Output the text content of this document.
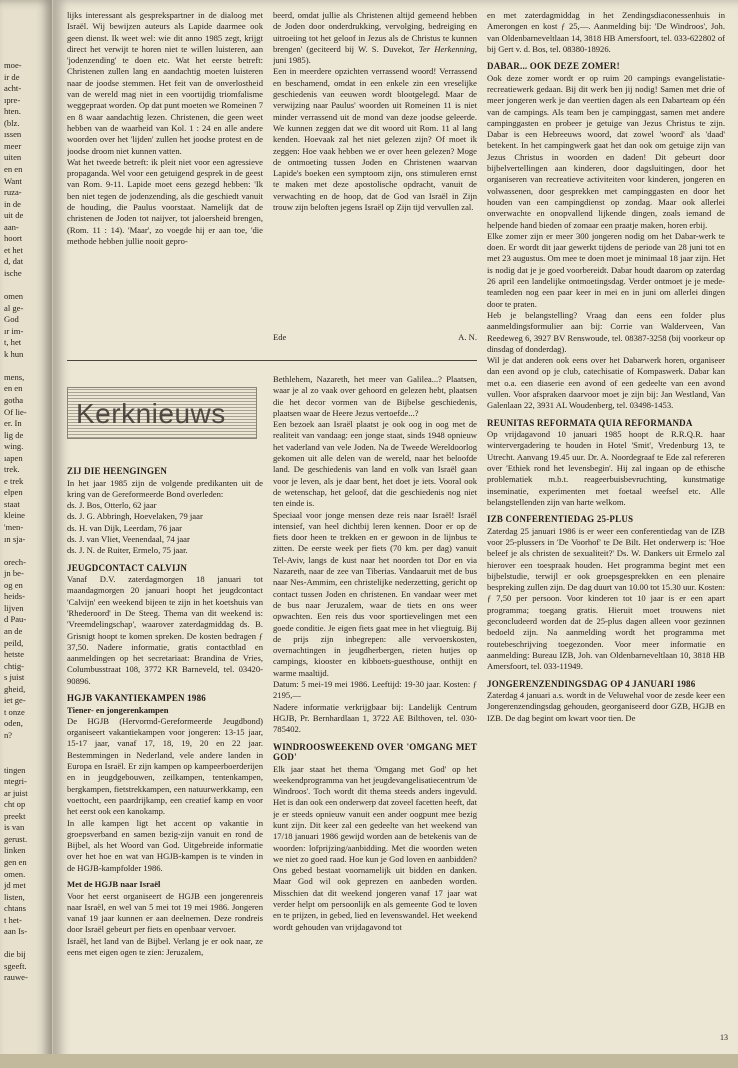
moe-
ir de
acht-
ıpre-
hten.
(blz.
ıssen
meer
uiten
en en
Want
ruza-
in de
uit de
aan-
hoort
et het
d, dat
ische
omen
al ge-
God
ır im-
t, het
k hun
mens,
en en
gotha
Of lie-
er. In
lig de
wing.
ıapen
trek.
e trek
elpen
staat
kleine
'men-
ın sja-
orech-
jn be-
og en
heids-
lijven
d Pau-
an de
peild,
hetste
chtig-
s juist
gheid,
iet ge-
t onze
oden,
n?
tingen
ntegri-
ar juist
cht op
preekt
is van
gerust.
linken
gen en
omen.
jd met
listen,
chtans
t het-
aan Is-
die bij
sgeeft.
rauwe-

lijks interessant als gesprekspartner in de dialoog met Israël. Wij bewijzen auteurs als Lapide daarmee ook geen dienst. Ik weet wel: wie dit anno 1985 zegt, krijgt direct het verwijt te horen niet te willen luisteren, aan 'jodenzending' te doen etc. Wat het eerste betreft: Christenen zullen lang en aandachtig moeten luisteren naar de joodse stemmen. Het feit van de onverlostheid van de wereld mag niet in een voortijdig triomfalisme weggepraat worden. Op dat punt moeten we Romeinen 7 en 8 waar aandachtig lezen. Christenen, die geen weet hebben van de waarheid van Kol. 1 : 24 en alle andere woorden over het 'lijden' zullen het joodse protest en de joodse droom niet kunnen vatten.

Wat het tweede betreft: ik pleit niet voor een agressieve propaganda. Wel voor een getuigend gesprek in de geest van Rom. 9-11. Lapide moet eens gezegd hebben: 'Ik ben niet tegen de jodenzending, als die geschiedt vanuit de houding, die Paulus voorstaat. Namelijk dat de christenen de Joden tot naijver, tot jaloersheid brengen, (Rom. 11 : 14). 'Maar', zo voegde hij er aan toe, 'die methode hebben jullie nooit gepro-

beerd, omdat jullie als Christenen altijd gemeend hebben de Joden door onderdrukking, vervolging, bedreiging en uitroeiing tot het geloof in Jezus als de Christus te kunnen brengen' (geciteerd bij W. S. Duvekot, Ter Herkenning, juni 1985).

Een in meerdere opzichten verrassend woord! Verrassend en beschamend, omdat in een enkele zin een vreselijke geschiedenis van eeuwen wordt blootgelegd. Maar de verwijzing naar Paulus' woorden uit Romeinen 11 is niet minder verrassend uit de mond van deze joodse geleerde. We kunnen zeggen dat we dit woord uit Rom. 11 al lang kenden. Hoevaak zal het niet gelezen zijn? Of moet ik zeggen: Hoe vaak hebben we er over heen gelezen? Moge de ontmoeting tussen Joden en Christenen waarvan Lapide's boeken een symptoom zijn, ons stimuleren ernst te maken met deze apostolische opdracht, vanuit de verwachting en de hoop, dat de God van Israël in Zijn trouw zijn beloften jegens Israël op Zijn tijd vervullen zal.

Ede	A. N.
Kerknieuws
ZIJ DIE HEENGINGEN

In het jaar 1985 zijn de volgende predikanten uit de kring van de Gereformeerde Bond overleden:

ds. J. Bos, Otterlo, 62 jaar
ds. J. G. Abbringh, Hoevelaken, 79 jaar
ds. H. van Dijk, Leerdam, 76 jaar
ds. J. van Vliet, Veenendaal, 74 jaar
ds. J. N. de Ruiter, Ermelo, 75 jaar.
JEUGDCONTACT CALVIJN

Vanaf D.V. zaterdagmorgen 18 januari tot maandagmorgen 20 januari hoopt het jeugdcontact 'Calvijn' een weekend bijeen te zijn in het koetshuis van 'Rhederoord' in De Steeg. Thema van dit weekend is: 'Vreemdelingschap', waarover zaterdagmiddag ds. B. Grisnigt hoopt te komen spreken. De kosten bedragen ƒ 37,50. Nadere informatie, gratis contactblad en aanmeldingen op het secretariaat: Brandina de Vries, Columbusstraat 108, 3772 KR Barneveld, tel. 03420-90896.

HGJB VAKANTIEKAMPEN 1986
Tiener- en jongerenkampen

De HGJB (Hervormd-Gereformeerde Jeugdbond) organiseert vakantiekampen voor jongeren: 13-15 jaar, 15-17 jaar, vanaf 17, 18, 19, 20 en 22 jaar. Bestemmingen in Nederland, vele andere landen in Europa en Israël. Er zijn kampen op kampeerboerderijen en in jeugdgebouwen, zeilkampen, tentenkampen, bergkampen, fietstrekkampen, een natuurwerkkamp, een voettocht, een paardrijkamp, een creatief kamp en voor het eerst ook een kanokamp.

In alle kampen ligt het accent op vakantie in groepsverband en samen bezig-zijn vanuit en rond de Bijbel, als het Woord van God. Uitgebreide informatie over het hoe en wat van HGJB-kampen is te vinden in de HGJB-kampfolder 1986.

Met de HGJB naar Israël

Voor het eerst organiseert de HGJB een jongerenreis naar Israël, en wel van 5 mei tot 19 mei 1986. Jongeren vanaf 19 jaar kunnen er aan deelnemen. Deze rondreis door Israël gebeurt per fiets en openbaar vervoer.

Israël, het land van de Bijbel. Verlang je er ook naar, ze eens met eigen ogen te zien: Jeruzalem,

Bethlehem, Nazareth, het meer van Galilea...? Plaatsen, waar je al zo vaak over gehoord en gelezen hebt, plaatsen die het decor vormen van de Bijbelse geschiedenis, plaatsen waar de Heere Jezus vertoefde...?

Een bezoek aan Israël plaatst je ook oog in oog met de realiteit van vandaag: een jonge staat, sinds 1948 opnieuw het vaderland van vele Joden. Na de Tweede Wereldoorlog gekomen uit alle delen van de wereld, naar het beloofde land. De geschiedenis van land en volk van Israël gaan voor je leven, als je daar bent, het doet je iets. Vooral ook de wetenschap, het geloof, dat die geschiedenis nog niet ten einde is.

Speciaal voor jonge mensen deze reis naar Israël! Israël intensief, van heel dichtbij leren kennen. Door er op de fiets door heen te trekken en er gewoon in de lijnbus te zitten. De eerste week per fiets (70 km. per dag) vanuit Tel-Aviv, langs de kust naar het noorden tot Dor en via Nazareth, naar de zee van Tiberias. Vandaaruit met de bus naar Nes-Ammim, een christelijke nederzetting, gericht op contact tussen Joden en christenen. En vandaar weer met de bus naar Jeruzalem, waar de tiets en ons weer opwachten. Een reis dus voor sportievelingen met een goede conditie. Je eigen fiets gaat mee in het vliegtuig. Bij de prijs zijn inbegrepen: alle vervoerskosten, overnachtingen in jeugdherbergen, rieten hutjes op campings, kiooster en kibboets-guesthouse, onthijt en warme maaltijd.

Datum: 5 mei-19 mei 1986. Leeftijd: 19-30 jaar. Kosten: ƒ 2195,—

Nadere informatie verkrijgbaar bij: Landelijk Centrum HGJB, Pr. Bernhardlaan 1, 3722 AE Bilthoven, tel. 030-785402.

WINDROOSWEEKEND OVER 'OMGANG MET GOD'

Elk jaar staat het thema 'Omgang met God' op het weekendprogramma van het jeugdevangelisatiecentrum 'de Windroos'. Toch wordt dit thema steeds anders ingevuld. Het is dan ook een onderwerp dat zoveel facetten heeft, dat je er steeds opnieuw vanuit een ander oogpunt mee bezig kunt zijn. Dit keer zal een gedeelte van het weekend van 17/18 januari 1986 gewijd worden aan de betekenis van de woorden: lofprijzing/aanbidding. Met die woorden weten we niet zo goed raad. Hoe kun je God loven en aanbidden? Ons gebed bestaat voornamelijk uit bidden en danken. Maar God wil ook geprezen en aanbeden worden. Misschien dat dit weekend jongeren vanaf 17 jaar wat verder helpt om persoonlijk en als gemeente God te loven en te prijzen, in gebed, lied en levenswandel. Het weekend wordt gehouden van vrijdagavond tot

en met zaterdagmiddag in het Zendingsdiaconessenhuis in Amerongen en kost ƒ 25,—. Aanmelding bij: 'De Windroos', Joh. van Oldenbarneveltlaan 14, 3818 HB Amersfoort, tel. 033-622802 of bij Gert v. d. Bos, tel. 08380-18926.

DABAR... OOK DEZE ZOMER!

Ook deze zomer wordt er op ruim 20 campings evangelistatie-recreatiewerk gedaan. Bij dit werk ben jij nodig! Samen met drie of meer jongeren werk je dan veertien dagen als een Dabarteam op één van de campings. Als team ben je campinggast, samen met andere campinggasten en probeer je getuige van Jezus Christus te zijn. Dabar is een Hebreeuws woord, dat zowel 'woord' als 'daad' betekent. In het campingwerk gaat het dan ook om getuige zijn van Jezus Christus in woorden en daden! Dit gebeurt door bijbelvertellingen aan kinderen, door dagsluitingen, door het organiseren van recreatieve activiteiten voor kinderen, jongeren en volwassenen, door gesprekken met campinggasten en door het houden van een campingdienst op zondag. Maar ook allerlei onverwachte en onopvallend lijkende dingen, zoals iemand de helpende hand bieden of zomaar een praatje maken, horen erbij.

Elke zomer zijn er meer 300 jongeren nodig om het Dabar-werk te doen. Er wordt dit jaar gewerkt tijdens de periode van 28 juni tot en met 23 augustus. Om mee te doen moet je minimaal 18 jaar zijn. Het is nodig dat je je goed voorbereidt. Dabar houdt daarom op zaterdag 26 april een landelijke ontmoetingsdag. Verder ontmoet je je mede-teamleden nog een paar keer in mei en in juni om allerlei dingen door te praten.

Heb je belangstelling? Vraag dan eens een folder plus aanmeldingsformulier aan bij: Corrie van Walderveen, Van Reedeweg 6, 3927 BV Renswoude, tel. 08387-3258 (bij voorkeur op dinsdag of donderdag).

Wil je dat anderen ook eens over het Dabarwerk horen, organiseer dan een avond op je club, catechisatie of Kompaswerk. Dabar kan met o.a. een diaserie een avond of een gedeelte van een avond vullen. Voor afspraken daarvoor moet je zijn bij: Jan Westland, Van Galenlaan 22, 3931 AL Woudenberg, tel. 03498-1453.

REUNITAS REFORMATA QUIA REFORMANDA

Op vrijdagavond 10 januari 1985 hoopt de R.R.Q.R. haar wintervergadering te houden in Hotel 'Smit', Vredenburg 13, te Utrecht. Aanvang 19.45 uur. Dr. A. Noordegraaf te Ede zal refereren over 'Ethiek rond het levensbegin'. Hij zal ingaan op de ethische problematiek m.b.t. reageerbuisbevruchting, kunstmatige inseminatie, experimenten met foetaal weefsel etc. Alle belangstellenden zijn van harte welkom.

IZB CONFERENTIEDAG 25-PLUS

Zaterdag 25 januari 1986 is er weer een conferentiedag van de IZB voor 25-plussers in 'De Voorhof' te De Bilt. Het onderwerp is: 'Hoe beleef je als christen de sexualiteit?' Ds. W. Dankers uit Ermelo zal hierover een toespraak houden. Het programma begint met een bijbelstudie, terwijl er ook groepsgesprekken en een plenaire bespreking zullen zijn. De dag duurt van 10.00 tot 15.30 uur. Kosten: ƒ 7,50 per persoon. Voor kinderen tot 10 jaar is er een apart programma; toegang gratis. Hieruit moet trouwens niet geconcludeerd worden dat de 25-plus dagen alleen voor gezinnen bedoeld zijn. Na aanmelding wordt het programma met routebeschrijving toegezonden. Voor meer informatie en aanmelding: Bureau IZB, Joh. van Oldenbarneveltlaan 10, 3818 HB Amersfoort, tel. 033-11949.

JONGERENZENDINGSDAG OP 4 JANUARI 1986

Zaterdag 4 januari a.s. wordt in de Veluwehal voor de zesde keer een Jongerenzendingsdag gehouden, georganiseerd door GZB, HGJB en IZB. De dag begint om kwart voor tien. De

13
